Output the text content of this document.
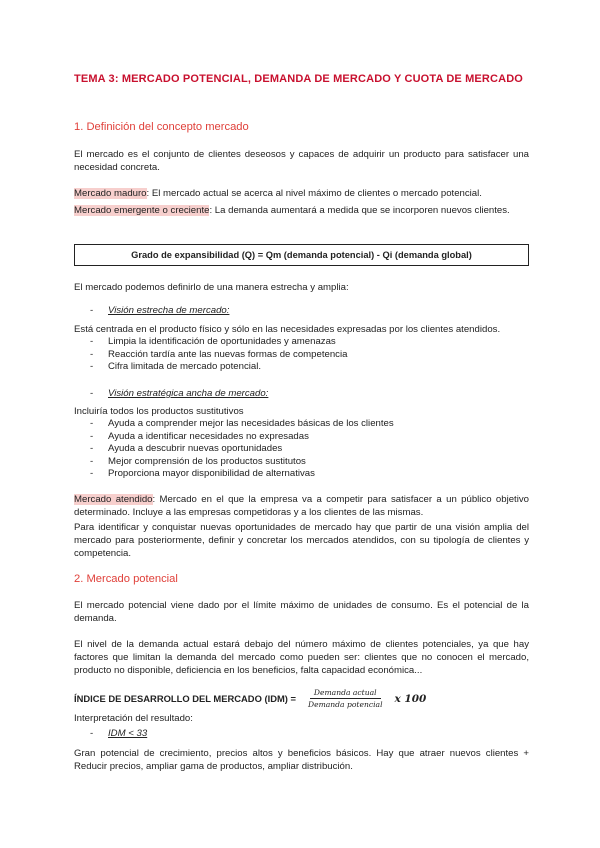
TEMA 3: MERCADO POTENCIAL, DEMANDA DE MERCADO Y CUOTA DE MERCADO
1. Definición del concepto mercado
El mercado es el conjunto de clientes deseosos y capaces de adquirir un producto para satisfacer una necesidad concreta.
Mercado maduro: El mercado actual se acerca al nivel máximo de clientes o mercado potencial.
Mercado emergente o creciente: La demanda aumentará a medida que se incorporen nuevos clientes.
Grado de expansibilidad (Q) = Qm (demanda potencial) - Qi (demanda global)
El mercado podemos definirlo de una manera estrecha y amplia:
- Visión estrecha de mercado:
Está centrada en el producto físico y sólo en las necesidades expresadas por los clientes atendidos.
- Limpia la identificación de oportunidades y amenazas
- Reacción tardía ante las nuevas formas de competencia
- Cifra limitada de mercado potencial.
- Visión estratégica ancha de mercado:
Incluiría todos los productos sustitutivos
- Ayuda a comprender mejor las necesidades básicas de los clientes
- Ayuda a identificar necesidades no expresadas
- Ayuda a descubrir nuevas oportunidades
- Mejor comprensión de los productos sustitutos
- Proporciona mayor disponibilidad de alternativas
Mercado atendido: Mercado en el que la empresa va a competir para satisfacer a un público objetivo determinado. Incluye a las empresas competidoras y a los clientes de las mismas.
Para identificar y conquistar nuevas oportunidades de mercado hay que partir de una visión amplia del mercado para posteriormente, definir y concretar los mercados atendidos, con su tipología de clientes y competencia.
2. Mercado potencial
El mercado potencial viene dado por el límite máximo de unidades de consumo. Es el potencial de la demanda.
El nivel de la demanda actual estará debajo del número máximo de clientes potenciales, ya que hay factores que limitan la demanda del mercado como pueden ser: clientes que no conocen el mercado, producto no disponible, deficiencia en los beneficios, falta capacidad económica...
ÍNDICE DE DESARROLLO DEL MERCADO $(IDM) = \frac{\text{Demanda actual}}{\text{Demanda potencial}}$ x 100
Interpretación del resultado:
- IDM < 33
Gran potencial de crecimiento, precios altos y beneficios básicos. Hay que atraer nuevos clientes + Reducir precios, ampliar gama de productos, ampliar distribución.
